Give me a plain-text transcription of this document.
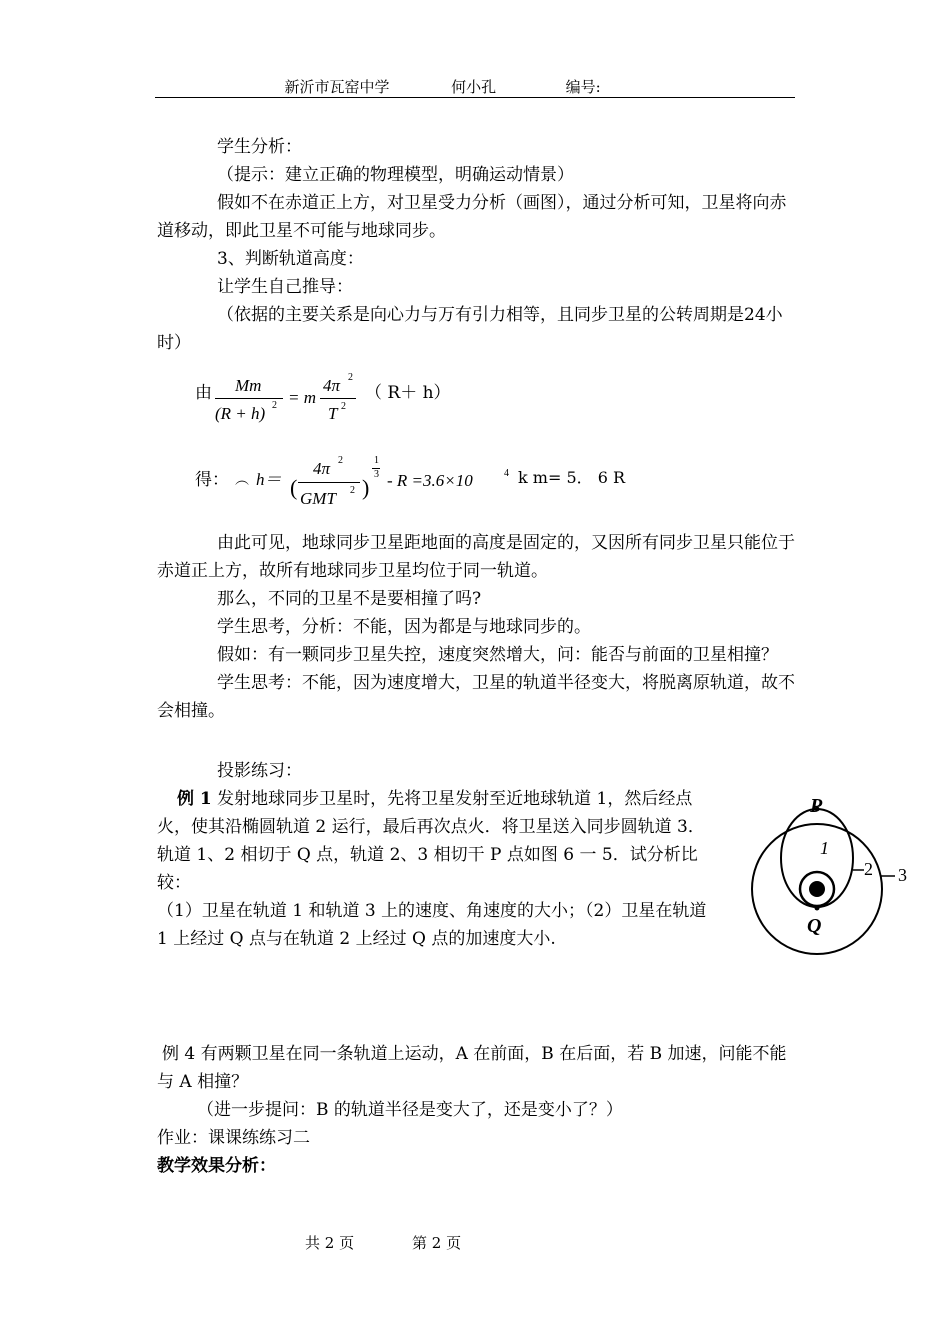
新沂市瓦窑中学	何小孔	编号:
学生分析：
（提示：建立正确的物理模型，明确运动情景）
假如不在赤道正上方，对卫星受力分析（画图），通过分析可知，卫星将向赤道移动，即此卫星不可能与地球同步。
3、判断轨道高度：
让学生自己推导：
（依据的主要关系是向心力与万有引力相等，且同步卫星的公转周期是24小时）
由 Mm
(R + h) 2 = m
4π 2
T 2
（ R＋ h）
得： ︵ h＝ (
4π 2
GMT 2 )
1
3 - R =3.6×10	4 k m= 5． 6 R
由此可见，地球同步卫星距地面的高度是固定的，又因所有同步卫星只能位于赤道正上方，故所有地球同步卫星均位于同一轨道。
那么，不同的卫星不是要相撞了吗?
学生思考，分析：不能，因为都是与地球同步的。
假如：有一颗同步卫星失控，速度突然增大，问：能否与前面的卫星相撞？
学生思考：不能，因为速度增大，卫星的轨道半径变大，将脱离原轨道，故不会相撞。
投影练习：
例 1 发射地球同步卫星时，先将卫星发射至近地球轨道 1，然后经点火，使其沿椭圆轨道 2 运行，最后再次点火．将卫星送入同步圆轨道 3．轨道 1、2 相切于 Q 点，轨道 2、3 相切干 P 点如图 6 一 5．试分析比较：
（1）卫星在轨道 1 和轨道 3 上的速度、角速度的大小；（2）卫星在轨道 1 上经过 Q 点与在轨道 2 上经过 Q 点的加速度大小.
P
Q
1
2 3
例 4 有两颗卫星在同一条轨道上运动，A 在前面，B 在后面，若 B 加速，问能不能与 A 相撞？
（进一步提问：B 的轨道半径是变大了，还是变小了？）
作业：课课练练习二
教学效果分析：
共 2 页	第 2 页
